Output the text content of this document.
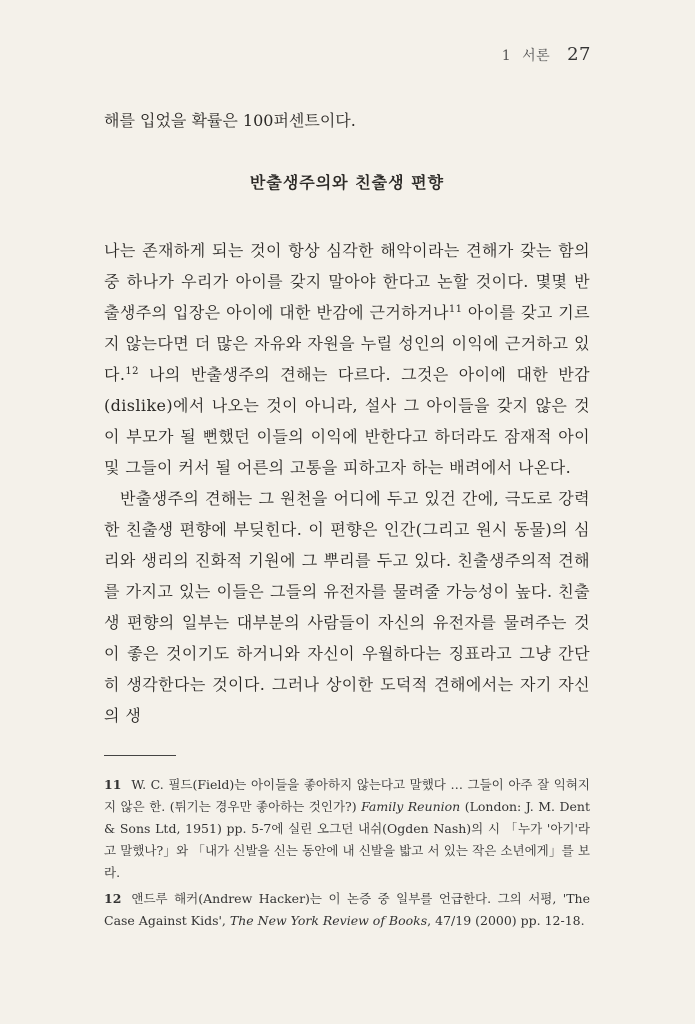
1 서론 27

해를 입었을 확률은 100퍼센트이다.

반출생주의와 친출생 편향

나는 존재하게 되는 것이 항상 심각한 해악이라는 견해가 갖는 함의 중 하나가 우리가 아이를 갖지 말아야 한다고 논할 것이다. 몇몇 반출생주의 입장은 아이에 대한 반감에 근거하거나$^{11}$ 아이를 갖고 기르지 않는다면 더 많은 자유와 자원을 누릴 성인의 이익에 근거하고 있다.$^{12}$ 나의 반출생주의 견해는 다르다. 그것은 아이에 대한 반감(dislike)에서 나오는 것이 아니라, 설사 그 아이들을 갖지 않은 것이 부모가 될 뻔했던 이들의 이익에 반한다고 하더라도 잠재적 아이 및 그들이 커서 될 어른의 고통을 피하고자 하는 배려에서 나온다.

반출생주의 견해는 그 원천을 어디에 두고 있건 간에, 극도로 강력한 친출생 편향에 부딪힌다. 이 편향은 인간(그리고 원시 동물)의 심리와 생리의 진화적 기원에 그 뿌리를 두고 있다. 친출생주의적 견해를 가지고 있는 이들은 그들의 유전자를 물려줄 가능성이 높다. 친출생 편향의 일부는 대부분의 사람들이 자신의 유전자를 물려주는 것이 좋은 것이기도 하거니와 자신이 우월하다는 징표라고 그냥 간단히 생각한다는 것이다. 그러나 상이한 도덕적 견해에서는 자기 자신의 생

11 W. C. 필드(Field)는 아이들을 좋아하지 않는다고 말했다 … 그들이 아주 잘 익혀지지 않은 한. (튀기는 경우만 좋아하는 것인가?) Family Reunion (London: J. M. Dent & Sons Ltd, 1951) pp. 5-7에 실린 오그던 내쉬(Ogden Nash)의 시 「누가 '아기'라고 말했나?」와 「내가 신발을 신는 동안에 내 신발을 밟고 서 있는 작은 소년에게」를 보라.

12 앤드루 해커(Andrew Hacker)는 이 논증 중 일부를 언급한다. 그의 서평, 'The Case Against Kids', The New York Review of Books, 47/19 (2000) pp. 12-18.
